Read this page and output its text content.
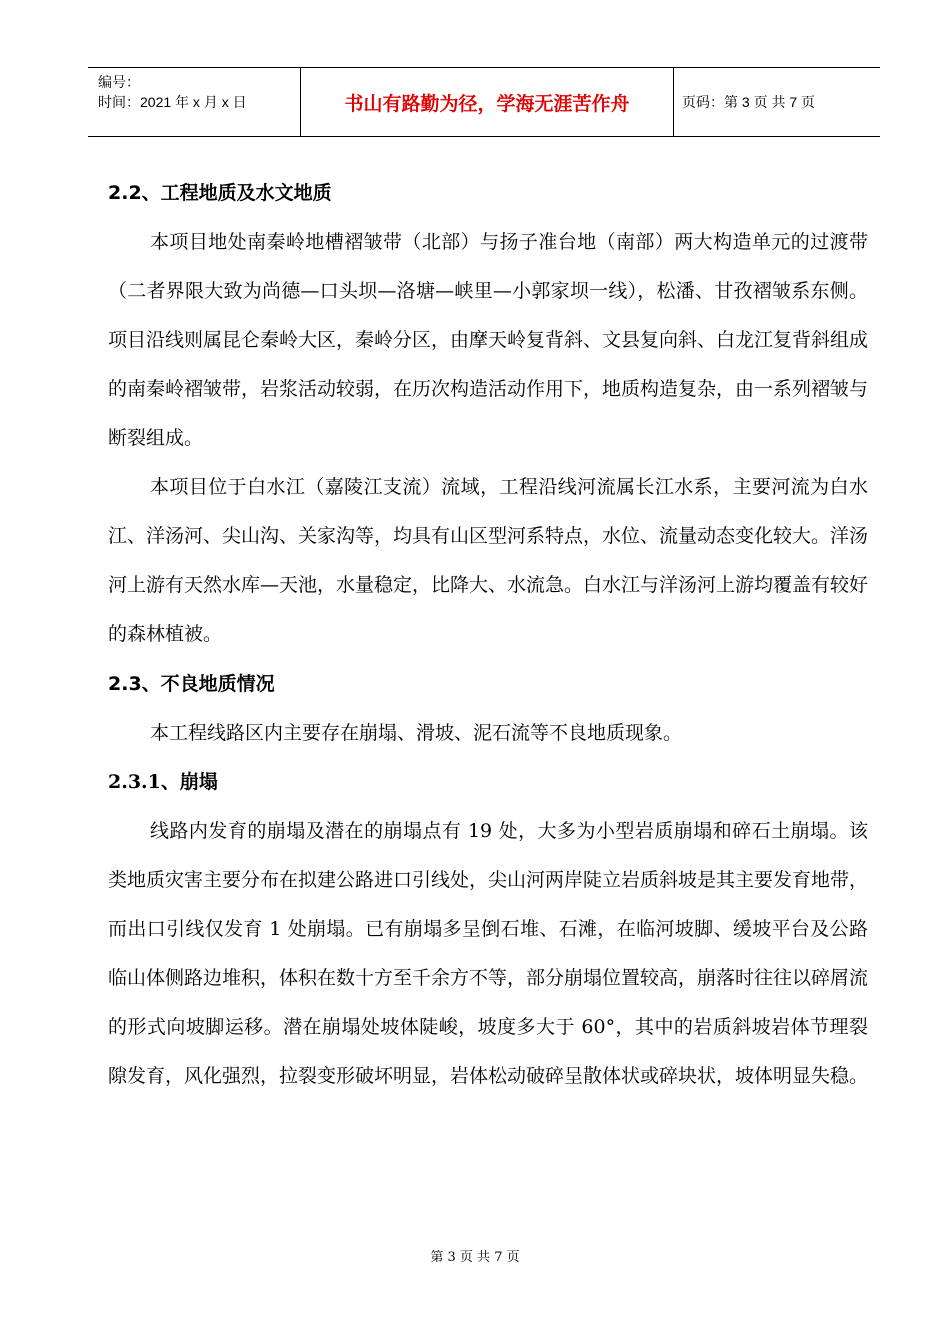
编号：
时间：2021 年 x 月 x 日	书山有路勤为径，学海无涯苦作舟	页码：第 3 页 共 7 页
2.2、工程地质及水文地质

本项目地处南秦岭地槽褶皱带（北部）与扬子准台地（南部）两大构造单元的过渡带（二者界限大致为尚德—口头坝—洛塘—峡里—小郭家坝一线），松潘、甘孜褶皱系东侧。项目沿线则属昆仑秦岭大区，秦岭分区，由摩天岭复背斜、文县复向斜、白龙江复背斜组成的南秦岭褶皱带，岩浆活动较弱，在历次构造活动作用下，地质构造复杂，由一系列褶皱与断裂组成。

本项目位于白水江（嘉陵江支流）流域，工程沿线河流属长江水系，主要河流为白水江、洋汤河、尖山沟、关家沟等，均具有山区型河系特点，水位、流量动态变化较大。洋汤河上游有天然水库—天池，水量稳定，比降大、水流急。白水江与洋汤河上游均覆盖有较好的森林植被。

2.3、不良地质情况

本工程线路区内主要存在崩塌、滑坡、泥石流等不良地质现象。

2.3.1、崩塌

线路内发育的崩塌及潜在的崩塌点有 19 处，大多为小型岩质崩塌和碎石土崩塌。该类地质灾害主要分布在拟建公路进口引线处，尖山河两岸陡立岩质斜坡是其主要发育地带，而出口引线仅发育 1 处崩塌。已有崩塌多呈倒石堆、石滩，在临河坡脚、缓坡平台及公路临山体侧路边堆积，体积在数十方至千余方不等，部分崩塌位置较高，崩落时往往以碎屑流的形式向坡脚运移。潜在崩塌处坡体陡峻，坡度多大于 60°，其中的岩质斜坡岩体节理裂隙发育，风化强烈，拉裂变形破坏明显，岩体松动破碎呈散体状或碎块状，坡体明显失稳。

第 3 页 共 7 页
